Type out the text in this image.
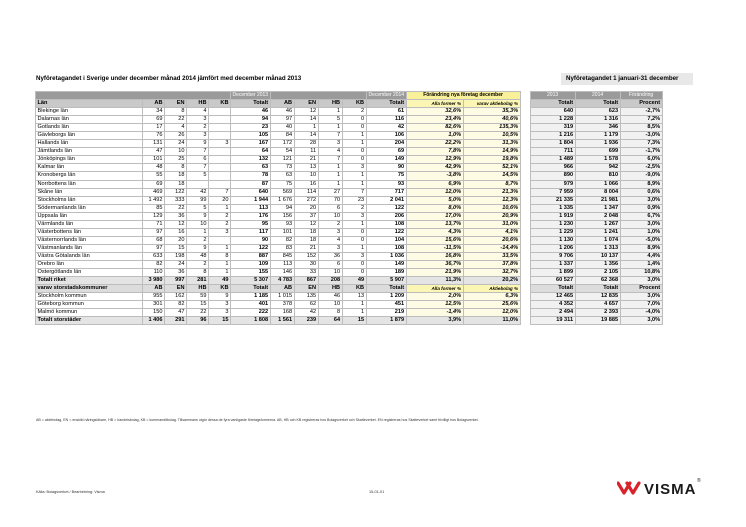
Nyföretagandet i Sverige under december månad 2014 jämfört med december månad 2013	Nyföretagandet 1 januari-31 december
					December 2013					December 2014	Förändring nya företag december			2013	2014	Förändring
Län	AB	EN	HB	KB	Totalt	AB	EN	HB	KB	Totalt	Alla former %	varav aktiebolag %		Totalt	Totalt	Procent
Blekinge län	34	8	4		46	46	12	1	2	61	32,6%	35,3%		640	623	-2,7%
Dalarnas län	69	22	3		94	97	14	5	0	116	23,4%	40,6%		1 228	1 316	7,2%
Gotlands län	17	4	2		23	40	1	1	0	42	82,6%	135,3%		319	346	8,5%
Gävleborgs län	76	26	3		105	84	14	7	1	106	1,0%	10,5%		1 216	1 179	-3,0%
Hallands län	131	24	9	3	167	172	28	3	1	204	22,2%	31,3%		1 804	1 936	7,3%
Jämtlands län	47	10	7		64	54	11	4	0	69	7,8%	14,9%		711	699	-1,7%
Jönköpings län	101	25	6		132	121	21	7	0	149	12,9%	19,8%		1 489	1 578	6,0%
Kalmar län	48	8	7		63	73	13	1	3	90	42,9%	52,1%		966	942	-2,5%
Kronobergs län	55	18	5		78	63	10	1	1	75	-3,8%	14,5%		890	810	-9,0%
Norrbottens län	69	18			87	75	16	1	1	93	6,9%	8,7%		979	1 066	8,9%
Skåne län	469	122	42	7	640	569	114	27	7	717	12,0%	21,3%		7 959	8 004	0,6%
Stockholms län	1 492	333	99	20	1 944	1 676	272	70	23	2 041	5,0%	12,3%		21 335	21 981	3,0%
Södermanlands län	85	22	5	1	113	94	20	6	2	122	8,0%	10,6%		1 335	1 347	0,9%
Uppsala län	129	36	9	2	176	156	37	10	3	206	17,0%	20,9%		1 919	2 048	6,7%
Värmlands län	71	12	10	2	95	93	12	2	1	108	13,7%	31,0%		1 230	1 267	3,0%
Västerbottens län	97	16	1	3	117	101	18	3	0	122	4,3%	4,1%		1 229	1 241	1,0%
Västernorrlands län	68	20	2		90	82	18	4	0	104	15,6%	20,6%		1 130	1 074	-5,0%
Västmanlands län	97	15	9	1	122	83	21	3	1	108	-11,5%	-14,4%		1 206	1 313	8,9%
Västra Götalands län	633	198	48	8	887	845	152	36	3	1 036	16,8%	33,5%		9 706	10 137	4,4%
Örebro län	82	24	2	1	109	113	30	6	0	149	36,7%	37,8%		1 337	1 356	1,4%
Östergötlands län	110	36	8	1	155	146	33	10	0	189	21,9%	32,7%		1 899	2 105	10,8%
Totalt riket	3 980	997	281	49	5 307	4 783	867	208	49	5 907	11,3%	20,2%		60 527	62 368	3,0%
varav storstadskommuner	AB	EN	HB	KB	Totalt	AB	EN	HB	KB	Totalt	Alla former %	Aktiebolag %		Totalt	Totalt	Procent
Stockholm kommun	955	162	59	9	1 185	1 015	135	46	13	1 209	2,0%	6,3%		12 465	12 835	3,0%
Göteborg kommun	301	82	15	3	401	378	62	10	1	451	12,5%	25,6%		4 352	4 657	7,0%
Malmö kommun	150	47	22	3	222	168	42	8	1	219	-1,4%	12,0%		2 494	2 393	-4,0%
Totalt storstäder	1 406	291	96	15	1 808	1 561	239	64	15	1 879	3,9%	11,0%		19 311	19 885	3,0%
AB = aktiebolag, EN = enskild näringsidkare, HB = handelsbolag, KB = kommanditbolag. Tillsammans utgör dessa de fyra vanligaste företagsformerna. AB, HB och KB registreras hos Bolagsverket och Skatteverket. EN registreras hos Skatteverket samt frivilligt hos Bolagsverket.
Källa: Bolagsverket / Bearbetning: Visma	15-01-01	VISMA ®
